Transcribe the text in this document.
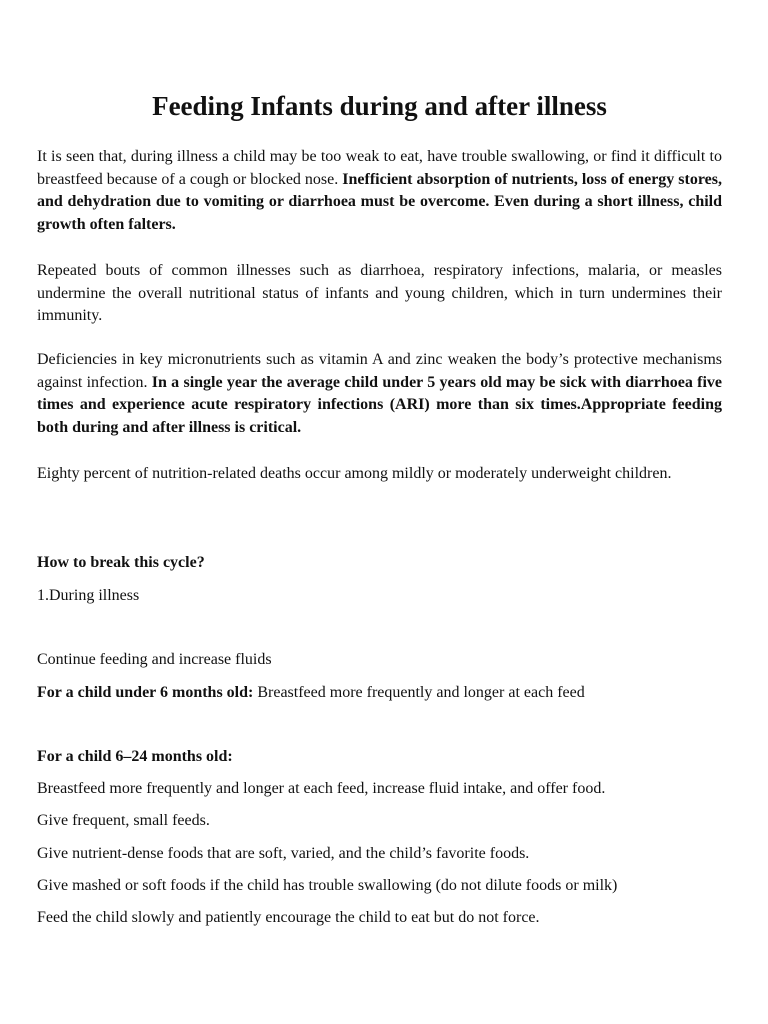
Feeding Infants during and after illness

It is seen that, during illness a child may be too weak to eat, have trouble swallowing, or find it difficult to breastfeed because of a cough or blocked nose. Inefficient absorption of nutrients, loss of energy stores, and dehydration due to vomiting or diarrhoea must be overcome. Even during a short illness, child growth often falters.

Repeated bouts of common illnesses such as diarrhoea, respiratory infections, malaria, or measles undermine the overall nutritional status of infants and young children, which in turn undermines their immunity.

Deficiencies in key micronutrients such as vitamin A and zinc weaken the body’s protective mechanisms against infection. In a single year the average child under 5 years old may be sick with diarrhoea five times and experience acute respiratory infections (ARI) more than six times.Appropriate feeding both during and after illness is critical.

Eighty percent of nutrition-related deaths occur among mildly or moderately underweight children.

How to break this cycle?

1.During illness

Continue feeding and increase fluids

For a child under 6 months old: Breastfeed more frequently and longer at each feed

For a child 6–24 months old:

Breastfeed more frequently and longer at each feed, increase fluid intake, and offer food.

Give frequent, small feeds.

Give nutrient-dense foods that are soft, varied, and the child’s favorite foods.

Give mashed or soft foods if the child has trouble swallowing (do not dilute foods or milk)

Feed the child slowly and patiently encourage the child to eat but do not force.
